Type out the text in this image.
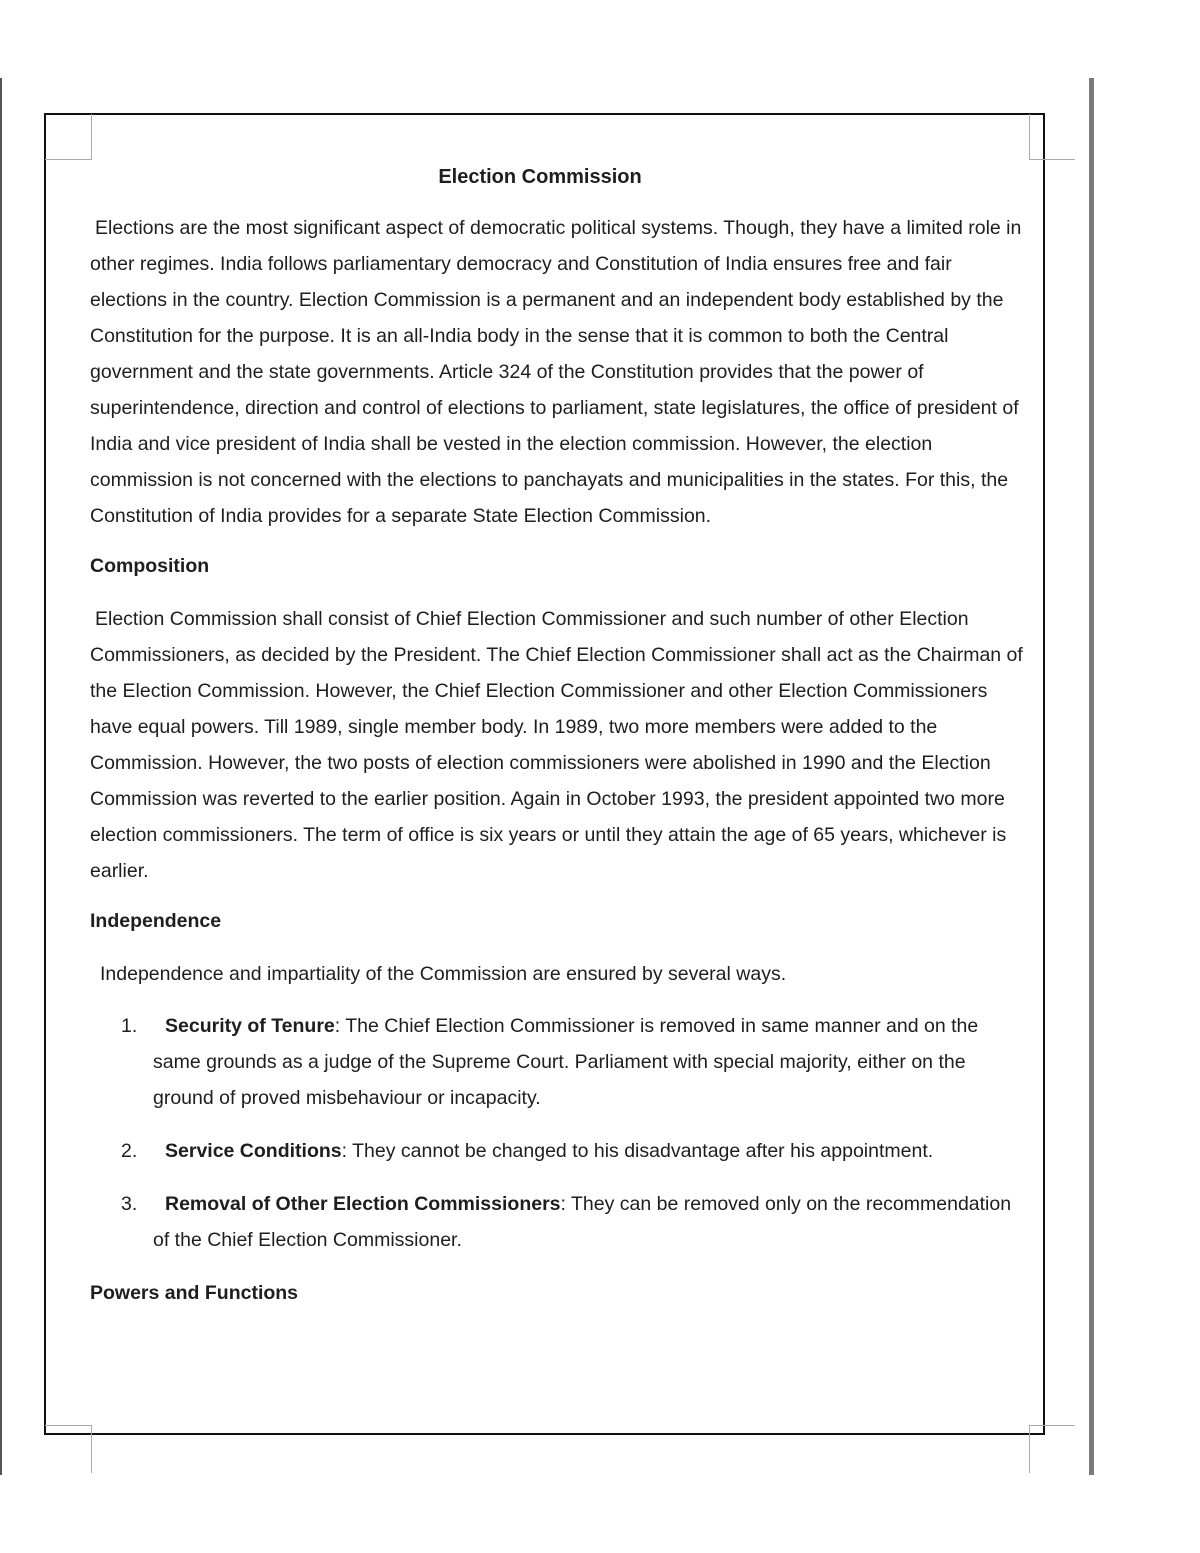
Election Commission

Elections are the most significant aspect of democratic political systems. Though, they have a limited role in other regimes. India follows parliamentary democracy and Constitution of India ensures free and fair elections in the country. Election Commission is a permanent and an independent body established by the Constitution for the purpose. It is an all-India body in the sense that it is common to both the Central government and the state governments. Article 324 of the Constitution provides that the power of superintendence, direction and control of elections to parliament, state legislatures, the office of president of India and vice president of India shall be vested in the election commission. However, the election commission is not concerned with the elections to panchayats and municipalities in the states. For this, the Constitution of India provides for a separate State Election Commission.

Composition

Election Commission shall consist of Chief Election Commissioner and such number of other Election Commissioners, as decided by the President. The Chief Election Commissioner shall act as the Chairman of the Election Commission. However, the Chief Election Commissioner and other Election Commissioners have equal powers. Till 1989, single member body. In 1989, two more members were added to the Commission. However, the two posts of election commissioners were abolished in 1990 and the Election Commission was reverted to the earlier position. Again in October 1993, the president appointed two more election commissioners. The term of office is six years or until they attain the age of 65 years, whichever is earlier.

Independence

Independence and impartiality of the Commission are ensured by several ways.

1. Security of Tenure: The Chief Election Commissioner is removed in same manner and on the same grounds as a judge of the Supreme Court. Parliament with special majority, either on the ground of proved misbehaviour or incapacity.
2. Service Conditions: They cannot be changed to his disadvantage after his appointment.
3. Removal of Other Election Commissioners: They can be removed only on the recommendation of the Chief Election Commissioner.
Powers and Functions
